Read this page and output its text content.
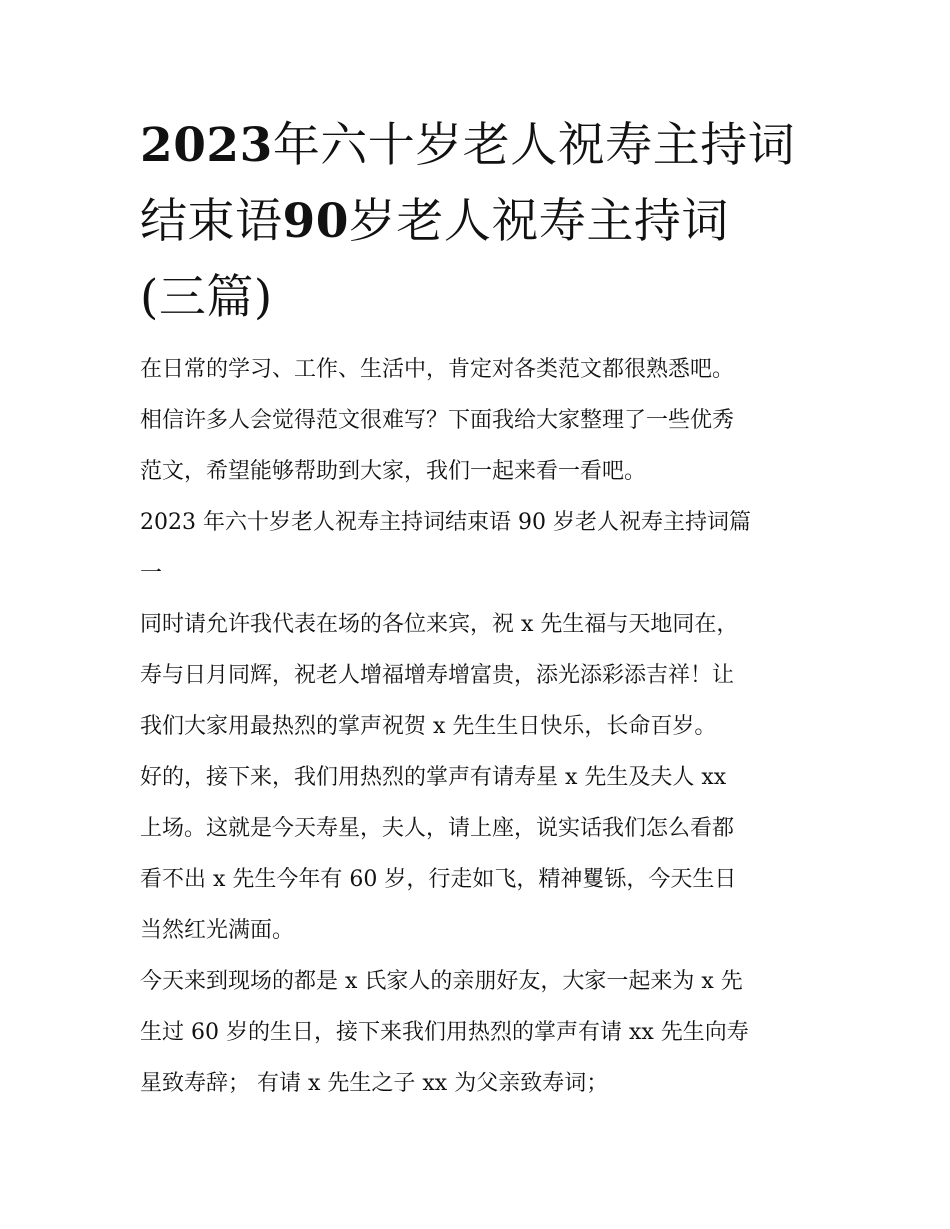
2023年六十岁老人祝寿主持词
结束语90岁老人祝寿主持词
(三篇)

在日常的学习、工作、生活中，肯定对各类范文都很熟悉吧。
相信许多人会觉得范文很难写？下面我给大家整理了一些优秀
范文，希望能够帮助到大家，我们一起来看一看吧。

2023 年六十岁老人祝寿主持词结束语 90 岁老人祝寿主持词篇
一

同时请允许我代表在场的各位来宾，祝 x 先生福与天地同在，
寿与日月同辉，祝老人增福增寿增富贵，添光添彩添吉祥！让
我们大家用最热烈的掌声祝贺 x 先生生日快乐，长命百岁。

好的，接下来，我们用热烈的掌声有请寿星 x 先生及夫人 xx
上场。这就是今天寿星，夫人，请上座，说实话我们怎么看都
看不出 x 先生今年有 60 岁，行走如飞，精神矍铄，今天生日
当然红光满面。

今天来到现场的都是 x 氏家人的亲朋好友，大家一起来为 x 先
生过 60 岁的生日，接下来我们用热烈的掌声有请 xx 先生向寿
星致寿辞； 有请 x 先生之子 xx 为父亲致寿词；
